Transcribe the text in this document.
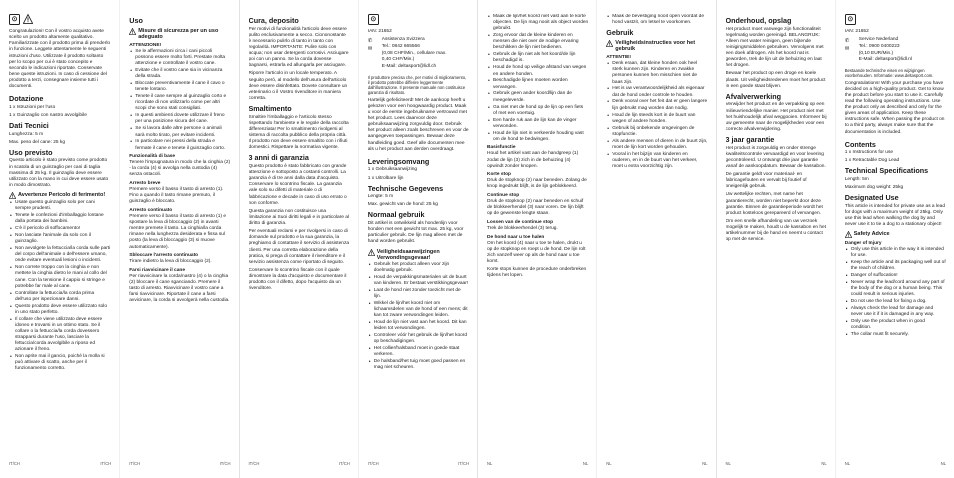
⊙

Congratulazioni! Con il vostro acquisto avete scelto un prodotto altamente qualitativo. Familiarizzate con il prodotto prima di prenderlo in funzione. Leggete attentamente le seguenti istruzioni d'uso. Utilizzate il prodotto soltanto per lo scopo per cui è stato concepito e secondo le indicazioni riportate. Conservate bene queste istruzioni. In caso di cessione del prodotto a terzi, consegnare insieme tutti i documenti.

Dotazione

1 x Istruzioni per l'uso

1 x Guinzaglio con nastro avvolgibile

Dati Tecnici

Lunghezza: 5 m

Max. peso del cane: 25 kg

Uso previsto

Questo articolo è stato previsto come prodotto in scatola di un guinzaglio per cani di taglia massima di 25 kg. Il guinzaglio deve essere utilizzato con la mano in cui deve essere usato in modo dimostrato.

Avvertenze Pericolo di ferimento!
• Usate questo guinzaglio solo per cani sempre prudenti.
• Tenete le confezioni d'imballaggio lontane dalla portata dei bambini.
• C'è il pericolo di soffocamento!
• Non lasciate l'animale da solo con il guinzaglio.
• Non avvolgete la fettuccia/la corda sulle parti del corpo dell'animale o dell'essere umano, onde evitare eventuali lesioni o incidenti.
• Non correte troppo con la cinghia e non mettete la cinghia dietro le mani al collo del cane. Con la tensione il cappio si stringe e potrebbe far male al cane.
• Controllate la fettuccia/la corda prima dell'uso per ispezionare danni.
• Questo prodotto deve essere utilizzato solo in uno stato perfetto.
• Il collare che viene utilizzato deve essere idoneo e trovarsi in un ottimo stato. Se il collare o la fettuccia/la corda dovessero strapparsi durante l'uso, lasciare la fettuccia/corda avvolgibile a riposo ed azionare il freno.
• Non aprite mai il gancio, poiché la molla si può attivare di scatto, anche per il funzionamento corretto.
IT/CH	IT/CH
Uso
Misure di sicurezza per un uso adeguato
ATTENZIONE!
• Se le affermazioni circa i cani piccoli possono essere molto forti. Prestate molta attenzione e controllate il vostro cane.
• Evitate che il vostro cane sia in vicinanza della strada.
• Bloccate preventivamente il cane il cavo o tenete lontano.
• Tenete il cane sempre al guinzaglio corto e ricordate di non utilizzarlo come per altri scopi che sono stati consigliati.
• In questi ambienti dovete utilizzare il freno per una posizione sicura del cane.
• Se si lavora dalle altre persone o animali sarà molto tirato, per evitare incidenti.
• In particolare nei pressi della strada e fermate il cane e tenete il guinzaglio corto.
Funzionalità di base

Tenere l'impugnatura in modo che la cinghia (2) - la corda (4) si avvolga nella custodia (4) senza ostacoli.

Arresto breve

Premere verso il basso il tasto di arresto (1). Fino a quando il tasto rimane premuto, il guinzaglio è bloccato.

Arresto continuato

Premere verso il basso il tasto di arresto (1) e spostare la leva di bloccaggio (2) in avanti mentre premete il tasto. La cinghia/la corda rimane nella lunghezza desiderata e fissa sul posto (la leva di bloccaggio (3) si muove automaticamente).

Sbloccare l'arresto continuato

Tirare indietro la leva di bloccaggio (2).

Farsi riavvicinare il cane

Per riavvicinare la corda/nastro (4) o la cinghia (2) bloccare il cane sganciando. Premere il tasto di arresto. Riavvicinare il vostro cane a farsi riavvicinare. Riportate il cane a farsi avvicinare, la corda si avvolgerà nella custodia.

IT/CH	IT/CH
Cura, deposito

Per motivi di funzionalità l'articolo deve essere pulito esclusivamente a secco. Ciononostante è necessario pulirlo di tanto in tanto con regolarità. IMPORTANTE: Pulire solo con acqua; non usar detergenti corrosivi. Asciugare poi con un panno. Se la corda dovesse bagnarsi, estrarla ed allungarla per asciugare.

Riporre l'articolo in un locale temperato. A seguito però, al modello dell'usura dell'articolo deve essere disinfettato. Dovete consultare un veterinario o il Vostro rivenditore in maniera corretta.

Smaltimento

Smaltire l'imballaggio e l'articolo stesso rispettando l'ambiente e le regole della raccolta differenziata! Per lo smaltimento rivolgersi al sistema di raccolta pubblico della propria città. Il prodotto non deve essere smaltito con i rifiuti domestici. Rispettare la normativa vigente.

3 anni di garanzia

Questo prodotto è stato fabbricato con grande attenzione e sottoposto a costanti controlli. La garanzia è di tre anni dalla data d'acquisto. Conservare lo scontrino fiscale. La garanzia vale solo su difetti di materiale o di fabbricazione e decade in caso di uso errato o non conforme.

Questa garanzia non costituisce una limitazione ai Suoi diritti legali e in particolare al diritto di garanzia.

Per eventuali reclami e per rivolgersi in caso di domande sul prodotto e la sua garanzia, la preghiamo di contattare il servizio di assistenza clienti. Per una corretta elaborazione della pratica, si prega di contattare il rivenditore e il servizio assistenza come riportato di seguito.

Conservare lo scontrino fiscale con il quale dimostrare la data d'acquisto e documentare il prodotto con il difetto, dopo l'acquisto da un rivenditore.

IT/CH	IT/CH
⊙

IAN: 21652

✆
✉

Assistenza Svizzera

Tel.: 0842 665566

(0,08 CHF/Min., cellulare max.

0,40 CHF/Min.)

E-Mail: deltasport@lidl.ch

Il produttore precisa che, per motivi di miglioramento, il prodotto potrebbe differire leggermente dall'illustrazione. Il presente manuale non costituisce garanzia di risultato.

Hartelijk gefeliciteerd! Met de aankoop heeft u gekozen voor een hoogwaardig product. Maak u voor de eerste ingebruikname vertrouwd met het product. Lees daarvoor deze gebruiksaanwijzing zorgvuldig door. Gebruik het product alleen zoals beschreven en voor de aangegeven toepassingen. Bewaar deze handleiding goed. Geef alle documenten mee als u het product aan derden overdraagt.

Leveringsomvang

1 x Gebruiksaanwijzing

1 x Uitrolbare lijn

Technische Gegevens

Lengte: 5 m

Max. gewicht van de hond: 25 kg

Normaal gebruik

Dit artikel is ontwikkeld als hondenlijn voor honden met een gewicht tot max. 25 kg, voor particulier gebruik. De lijn mag alleen met de hand worden gebruikt.

Veiligheidsaanwijzingen Verwondingsgevaar!
• Gebruik het product alleen voor zijn doelmatig gebruik.
• Houd de verpakkingsmaterialen uit de buurt van kinderen. Er bestaat verstikkingsgevaar!
• Laat de hond niet zonder toezicht met de lijn.
• Wikkel de lijn/het koord niet om lichaamsdelen van de hond of een mens; dit kan tot zware verwondingen leiden.
• Houd de lijn niet vast aan het koord. Dit kan leiden tot verwondingen.
• Controleer vóór het gebruik de lijn/het koord op beschadigingen.
• Het collier/halsband moet in goede staat verkeren.
• De halsband/het tuig moet goed passen en mag niet scheuren.
IT/CH	IT/CH
• Maak de lijn/het koord niet vast aan te korte objecten. De lijn mag nooit als object worden gebruikt.
• Zorg ervoor dat de kleine kinderen en mensen die niet over de nodige ervaring beschikken de lijn niet bedienen.
• Gebruik de lijn niet als het koord/de lijn beschadigd is.
• Houd de hond op veilige afstand van wegen en andere honden.
• Beschadigde lijnen moeten worden vervangen.
• Gebruik geen ander koord/lijn dan de meegeleverde.
• Ga niet met de hond op de lijn op een fiets of met een voertuig.
• Een harde ruk aan de lijn kan de vinger verwonden.
• Houd de lijn niet in verkeerde houding vast om de hond te bedwingen.
Basisfunctie

Houd het artikel vast aan de handgreep (1) zodat de lijn (3) zich in de behuizing (4) opwindt zonder knopen.

Korte stop

Druk de stopknop (2) naar beneden. Zolang de knop ingedrukt blijft, is de lijn geblokkeerd.

Continue stop

Druk de stopknop (2) naar beneden en schuif de blokkeerhendel (3) naar voren. De lijn blijft op de gewenste lengte staan.

Lossen van de continue stop

Trek de blokkeerhendel (3) terug.

De hond naar u toe halen

Om het koord (4) naar u toe te halen, drukt u op de stopknop en roept u de hond. De lijn rolt zich vanzelf weer op als de hond naar u toe komt.

Korte stops kunnen de procedure onderbreken tijdens het lopen.

NL	NL
• Maak de bevestiging nooit open voordat de hond vastzit, om letsel te voorkomen.
Gebruik
Veiligheidsinstructies voor het gebruik
ATTENTIE!
• Denk eraan, dat kleine honden ook heel sterk kunnen zijn. Kinderen en zwakke personen kunnen hen misschien niet de baas zijn.
• Het is uw verantwoordelijkheid als eigenaar dat de hond onder controle te houden.
• Denk vooral over het feit dat er geen langere lijn gebruikt mag worden dan nodig.
• Houd de lijn steeds kort in de buurt van wegen of andere honden.
• Gebruik bij onbekende omgevingen de stopfunctie.
• Als andere mensen of dieren in de buurt zijn, moet de lijn kort worden gehouden.
• Vooral in het bijzijn van kinderen en ouderen, en in de buurt van het verkeer, moet u extra voorzichtig zijn.
NL	NL
Onderhoud, opslag

Het product moet vanwege zijn functionaliteit regelmatig worden gereinigd. BELANGRIJK: Alleen met water reinigen, geen bijtende reinigingsmiddelen gebruiken. Vervolgens met een doek afdrogen. Als het koord nat is geworden, trek de lijn uit de behuizing en laat het drogen.

Bewaar het product op een droge en koele plaats. Uit veiligheidsredenen moet het product in een goede staat blijven.

Afvalverwerking

Verwijder het product en de verpakking op een milieuvriendelijke manier. Het product niet met het huishoudelijk afval weggooien. Informeer bij uw gemeente naar de mogelijkheden voor een correcte afvalverwijdering.

3 jaar garantie

Het product is zorgvuldig en onder strenge kwaliteitscontrole vervaardigd en voor levering gecontroleerd. U ontvangt drie jaar garantie vanaf de aankoopdatum. Bewaar de kassabon.

De garantie geldt voor materiaal- en fabricagefouten en vervalt bij foutief of oneigenlijk gebruik.

Uw wettelijke rechten, met name het garantierecht, worden niet beperkt door deze garantie. Binnen de garantieperiode wordt het product kosteloos gerepareerd of vervangen.

Om een snelle afhandeling van uw verzoek mogelijk te maken, houdt u de kassabon en het artikelnummer bij de hand en neemt u contact op met de service.

NL	NL
⊙

IAN: 21652

✆
✉

Service Nederland

Tel.: 0900 0400223

(0,10 EUR/Min.)

E-Mail: deltasport@lidl.nl

Bestaande technische eisen en wijzigingen voorbehouden. Informatie: www.deltasport.com.

Congratulations! With your purchase you have decided on a high-quality product. Get to know the product before you start to use it. Carefully read the following operating instructions. Use the product only as described and only for the given areas of application. Keep these instructions safe. When passing the product on to a third party, always make sure that the documentation is included.

Contents

1 x Instructions for use

1 x Retractable Dog Lead

Technical Specifications

Length: 5m

Maximum dog weight: 25kg

Designated Use

This article is intended for private use as a lead for dogs with a maximum weight of 25kg. Only use this lead when walking the dog by and never use it to tie a dog to a stationary object!

Safety Advice
Danger of Injury
• Only use this article in the way it is intended for use.
• Keep the article and its packaging well out of the reach of children.
• Danger of suffocation!
• Never wrap the lead/cord around any part of the body of the dog or a human being. This could result in serious injuries.
• Do not use the lead for fixing a dog.
• Always check the lead for damage and never use it if it is damaged in any way.
• Only use the product when in good condition.
• The collar must fit securely.
NL	NL
